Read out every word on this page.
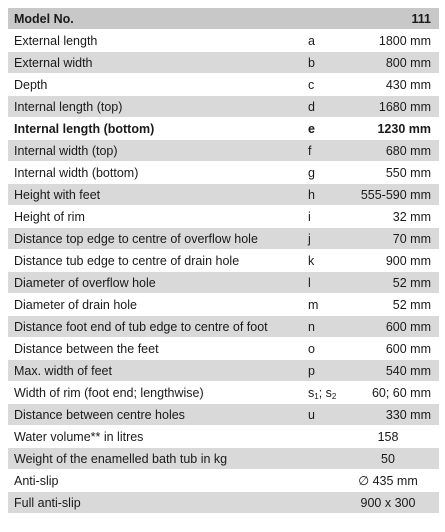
Model No.	111
External length	a	1800 mm
External width	b	800 mm
Depth	c	430 mm
Internal length (top)	d	1680 mm
Internal length (bottom)	e	1230 mm
Internal width (top)	f	680 mm
Internal width (bottom)	g	550 mm
Height with feet	h	555-590 mm
Height of rim	i	32 mm
Distance top edge to centre of overflow hole	j	70 mm
Distance tub edge to centre of drain hole	k	900 mm
Diameter of overflow hole	l	52 mm
Diameter of drain hole	m	52 mm
Distance foot end of tub edge to centre of foot	n	600 mm
Distance between the feet	o	600 mm
Max. width of feet	p	540 mm
Width of rim (foot end; lengthwise)	$s_1$; $s_2$	60; 60 mm
Distance between centre holes	u	330 mm
Water volume** in litres	158
Weight of the enamelled bath tub in kg	50
Anti-slip	∅ 435 mm
Full anti-slip	900 x 300
